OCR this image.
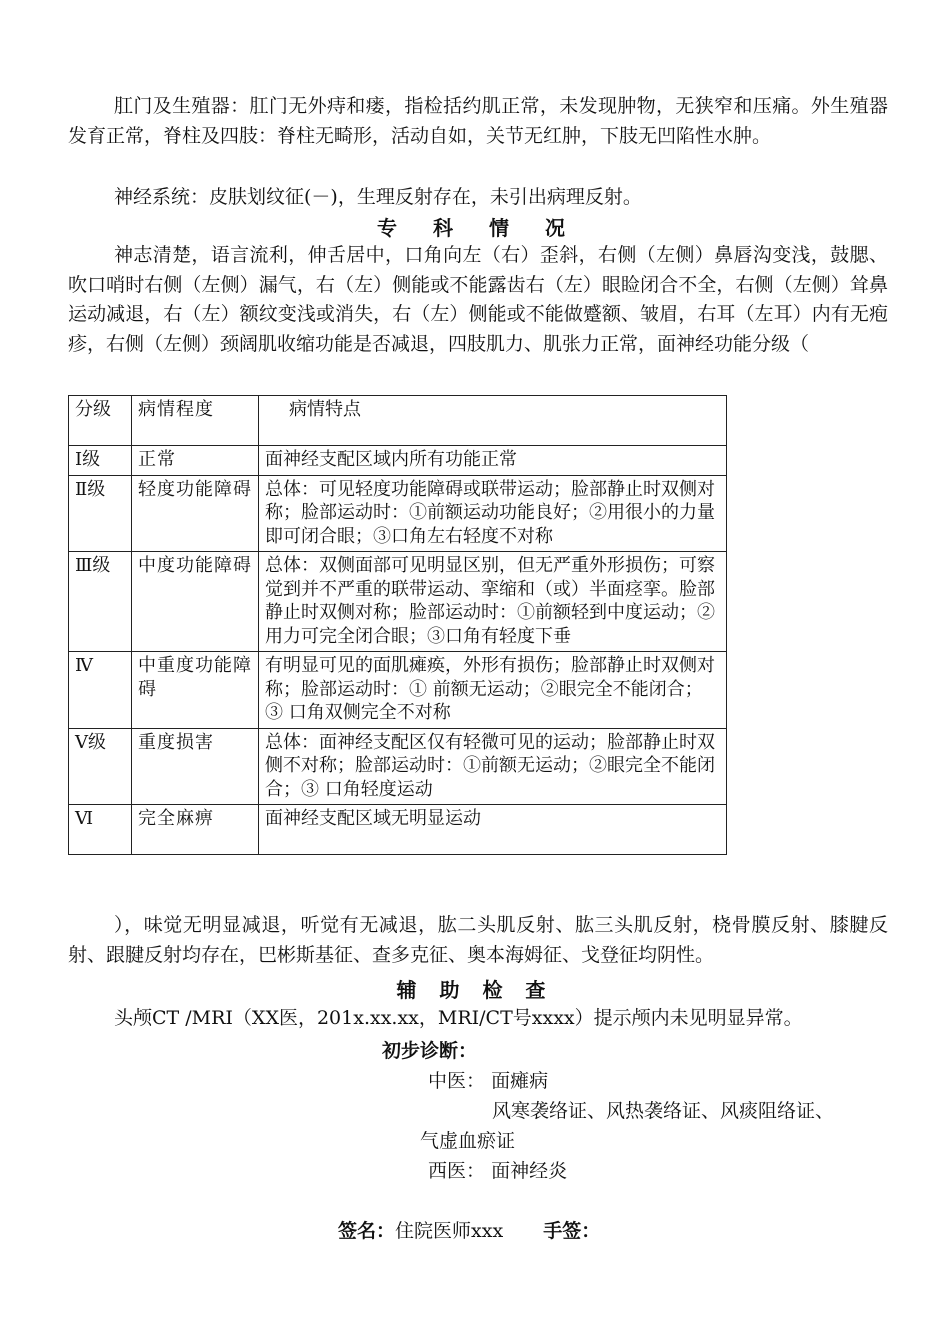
肛门及生殖器：肛门无外痔和瘘，指检括约肌正常，未发现肿物，无狭窄和压痛。外生殖器发育正常，脊柱及四肢：脊柱无畸形，活动自如，关节无红肿，下肢无凹陷性水肿。

神经系统：皮肤划纹征(－)，生理反射存在，未引出病理反射。

专　科　情　况

神志清楚，语言流利，伸舌居中，口角向左（右）歪斜，右侧（左侧）鼻唇沟变浅，鼓腮、吹口哨时右侧（左侧）漏气，右（左）侧能或不能露齿右（左）眼睑闭合不全，右侧（左侧）耸鼻运动减退，右（左）额纹变浅或消失，右（左）侧能或不能做蹙额、皱眉，右耳（左耳）内有无疱疹，右侧（左侧）颈阔肌收缩功能是否减退，四肢肌力、肌张力正常，面神经功能分级（

分级	病情程度	病情特点
Ⅰ级	正常	面神经支配区域内所有功能正常
Ⅱ级	轻度功能障碍	总体：可见轻度功能障碍或联带运动；脸部静止时双侧对称；脸部运动时：①前额运动功能良好；②用很小的力量即可闭合眼；③口角左右轻度不对称
Ⅲ级	中度功能障碍	总体：双侧面部可见明显区别，但无严重外形损伤；可察觉到并不严重的联带运动、挛缩和（或）半面痉挛。脸部静止时双侧对称；脸部运动时：①前额轻到中度运动；②用力可完全闭合眼；③口角有轻度下垂
Ⅳ	中重度功能障碍	有明显可见的面肌瘫痪，外形有损伤；脸部静止时双侧对称；脸部运动时：① 前额无运动；②眼完全不能闭合；③ 口角双侧完全不对称
Ⅴ级	重度损害	总体：面神经支配区仅有轻微可见的运动；脸部静止时双侧不对称；脸部运动时：①前额无运动；②眼完全不能闭合；③ 口角轻度运动
Ⅵ	完全麻痹	面神经支配区域无明显运动

），味觉无明显减退，听觉有无减退，肱二头肌反射、肱三头肌反射，桡骨膜反射、膝腱反射、跟腱反射均存在，巴彬斯基征、查多克征、奥本海姆征、戈登征均阴性。

辅 助 检 查

头颅CT /MRI（XX医，201x.xx.xx，MRI/CT号xxxx）提示颅内未见明显异常。

初步诊断：

中医： 面瘫病

风寒袭络证、风热袭络证、风痰阻络证、

气虚血瘀证

西医： 面神经炎

签名：住院医师xxx 手签：
